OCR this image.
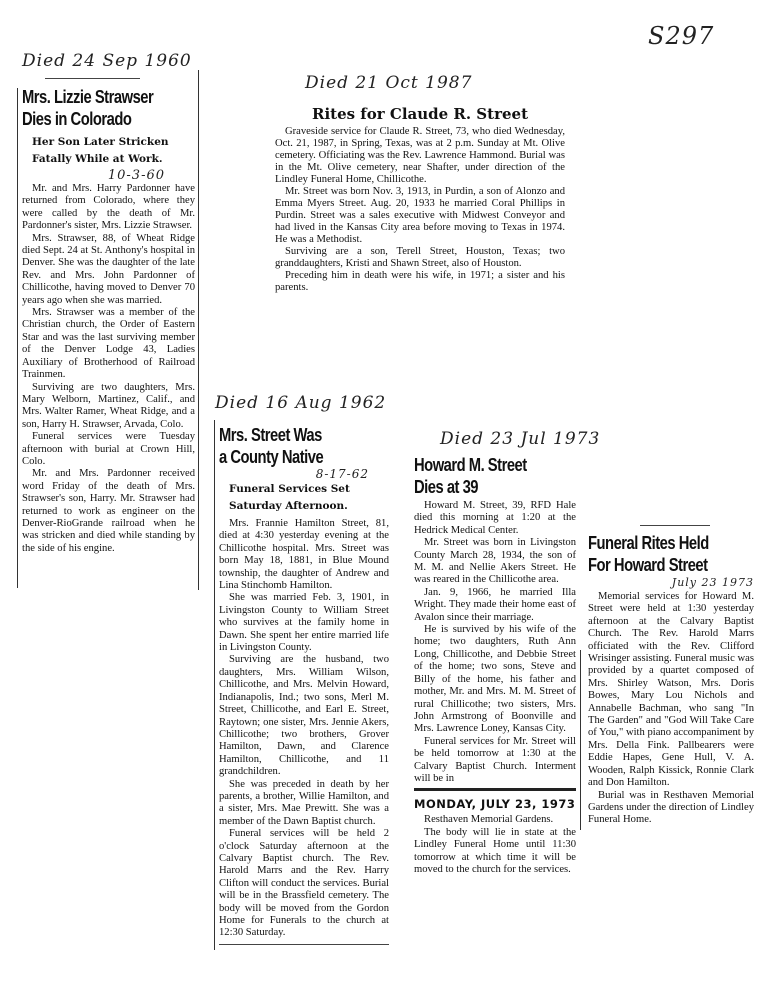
S297
Died 24 Sep 1960
Mrs. Lizzie Strawser
Dies in Colorado
Her Son Later Stricken
Fatally While at Work.
10-3-60

Mr. and Mrs. Harry Pardonner have returned from Colorado, where they were called by the death of Mr. Pardonner's sister, Mrs. Lizzie Strawser.

Mrs. Strawser, 88, of Wheat Ridge died Sept. 24 at St. Anthony's hospital in Denver. She was the daughter of the late Rev. and Mrs. John Pardonner of Chillicothe, having moved to Denver 70 years ago when she was married.

Mrs. Strawser was a member of the Christian church, the Order of Eastern Star and was the last surviving member of the Denver Lodge 43, Ladies Auxiliary of Brotherhood of Railroad Trainmen.

Surviving are two daughters, Mrs. Mary Welborn, Martinez, Calif., and Mrs. Walter Ramer, Wheat Ridge, and a son, Harry H. Strawser, Arvada, Colo.

Funeral services were Tuesday afternoon with burial at Crown Hill, Colo.

Mr. and Mrs. Pardonner received word Friday of the death of Mrs. Strawser's son, Harry. Mr. Strawser had returned to work as engineer on the Denver-RioGrande railroad when he was stricken and died while standing by the side of his engine.

Died 21 Oct 1987
Rites for Claude R. Street

Graveside service for Claude R. Street, 73, who died Wednesday, Oct. 21, 1987, in Spring, Texas, was at 2 p.m. Sunday at Mt. Olive cemetery. Officiating was the Rev. Lawrence Hammond. Burial was in the Mt. Olive cemetery, near Shafter, under direction of the Lindley Funeral Home, Chillicothe.

Mr. Street was born Nov. 3, 1913, in Purdin, a son of Alonzo and Emma Myers Street. Aug. 20, 1933 he married Coral Phillips in Purdin. Street was a sales executive with Midwest Conveyor and had lived in the Kansas City area before moving to Texas in 1974. He was a Methodist.

Surviving are a son, Terell Street, Houston, Texas; two granddaughters, Kristi and Shawn Street, also of Houston.

Preceding him in death were his wife, in 1971; a sister and his parents.

Died 16 Aug 1962
Mrs. Street Was
a County Native
8-17-62
Funeral Services Set
Saturday Afternoon.

Mrs. Frannie Hamilton Street, 81, died at 4:30 yesterday evening at the Chillicothe hospital. Mrs. Street was born May 18, 1881, in Blue Mound township, the daughter of Andrew and Lina Stinchomb Hamilton.

She was married Feb. 3, 1901, in Livingston County to William Street who survives at the family home in Dawn. She spent her entire married life in Livingston County.

Surviving are the husband, two daughters, Mrs. William Wilson, Chillicothe, and Mrs. Melvin Howard, Indianapolis, Ind.; two sons, Merl M. Street, Chillicothe, and Earl E. Street, Raytown; one sister, Mrs. Jennie Akers, Chillicothe; two brothers, Grover Hamilton, Dawn, and Clarence Hamilton, Chillicothe, and 11 grandchildren.

She was preceded in death by her parents, a brother, Willie Hamilton, and a sister, Mrs. Mae Prewitt. She was a member of the Dawn Baptist church.

Funeral services will be held 2 o'clock Saturday afternoon at the Calvary Baptist church. The Rev. Harold Marrs and the Rev. Harry Clifton will conduct the services. Burial will be in the Brassfield cemetery. The body will be moved from the Gordon Home for Funerals to the church at 12:30 Saturday.

Died 23 Jul 1973
Howard M. Street
Dies at 39

Howard M. Street, 39, RFD Hale died this morning at 1:20 at the Hedrick Medical Center.

Mr. Street was born in Livingston County March 28, 1934, the son of M. M. and Nellie Akers Street. He was reared in the Chillicothe area.

Jan. 9, 1966, he married Illa Wright. They made their home east of Avalon since their marriage.

He is survived by his wife of the home; two daughters, Ruth Ann Long, Chillicothe, and Debbie Street of the home; two sons, Steve and Billy of the home, his father and mother, Mr. and Mrs. M. M. Street of rural Chillicothe; two sisters, Mrs. John Armstrong of Boonville and Mrs. Lawrence Loney, Kansas City.

Funeral services for Mr. Street will be held tomorrow at 1:30 at the Calvary Baptist Church. Interment will be in

MONDAY, JULY 23, 1973

Resthaven Memorial Gardens.

The body will lie in state at the Lindley Funeral Home until 11:30 tomorrow at which time it will be moved to the church for the services.

Funeral Rites Held
For Howard Street
July 23 1973

Memorial services for Howard M. Street were held at 1:30 yesterday afternoon at the Calvary Baptist Church. The Rev. Harold Marrs officiated with the Rev. Clifford Wrisinger assisting. Funeral music was provided by a quartet composed of Mrs. Shirley Watson, Mrs. Doris Bowes, Mary Lou Nichols and Annabelle Bachman, who sang "In The Garden" and "God Will Take Care of You," with piano accompaniment by Mrs. Della Fink. Pallbearers were Eddie Hapes, Gene Hull, V. A. Wooden, Ralph Kissick, Ronnie Clark and Don Hamilton.

Burial was in Resthaven Memorial Gardens under the direction of Lindley Funeral Home.
